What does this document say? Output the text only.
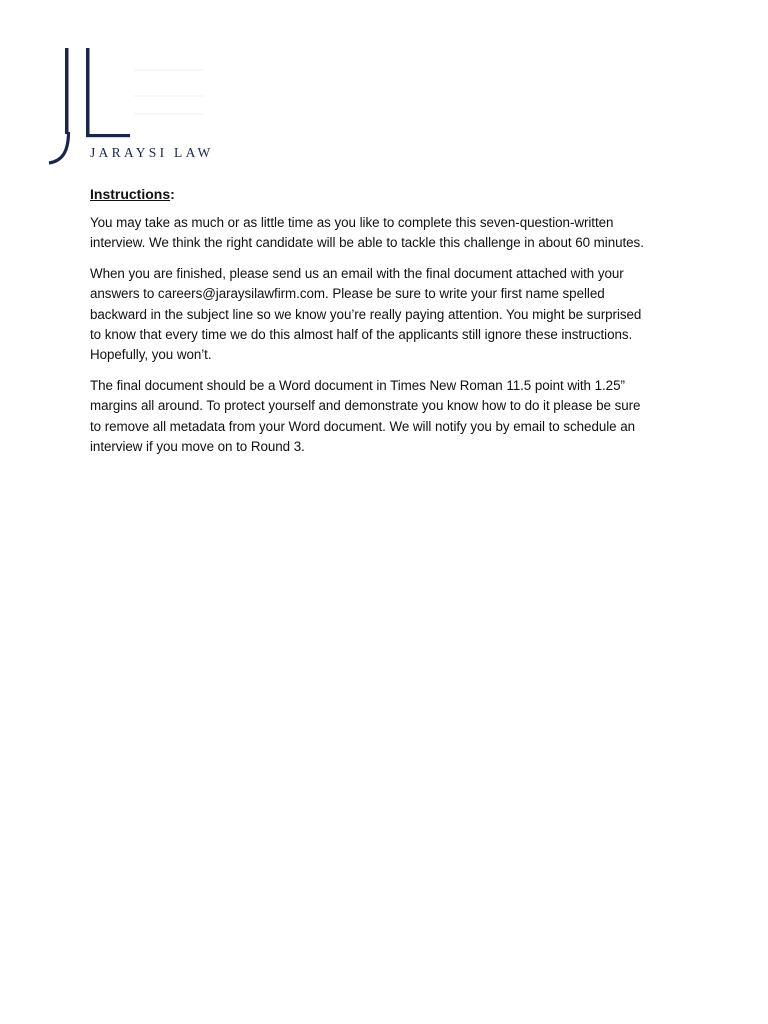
JARAYSI LAW
Instructions:

You may take as much or as little time as you like to complete this seven-question-written
interview. We think the right candidate will be able to tackle this challenge in about 60 minutes.

When you are finished, please send us an email with the final document attached with your
answers to careers@jaraysilawfirm.com. Please be sure to write your first name spelled
backward in the subject line so we know you’re really paying attention. You might be surprised
to know that every time we do this almost half of the applicants still ignore these instructions.
Hopefully, you won’t.

The final document should be a Word document in Times New Roman 11.5 point with 1.25”
margins all around. To protect yourself and demonstrate you know how to do it please be sure
to remove all metadata from your Word document. We will notify you by email to schedule an
interview if you move on to Round 3.
